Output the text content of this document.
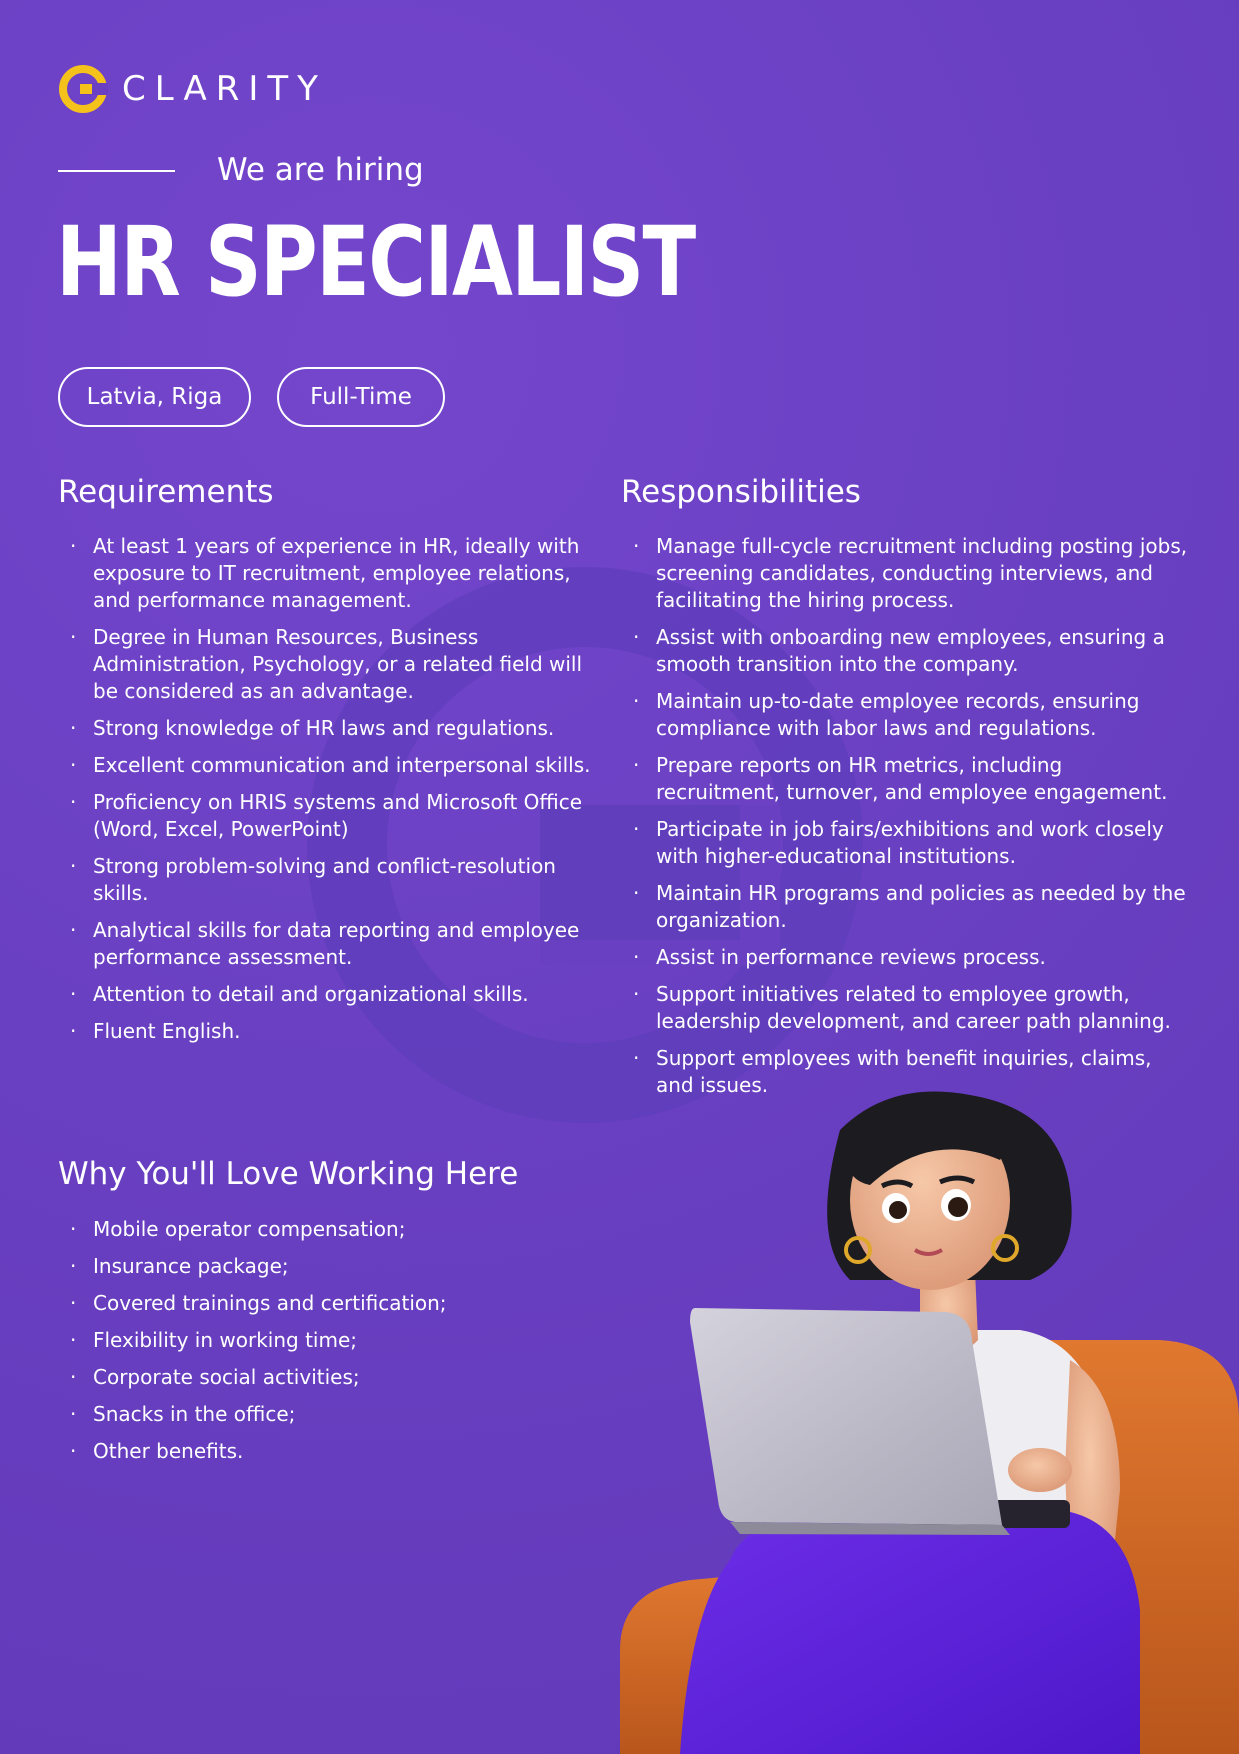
CLARITY
We are hiring
HR SPECIALIST
Latvia, Riga	Full-Time
Requirements
· At least 1 years of experience in HR, ideally with exposure to IT recruitment, employee relations, and performance management.
· Degree in Human Resources, Business Administration, Psychology, or a related field will be considered as an advantage.
· Strong knowledge of HR laws and regulations.
· Excellent communication and interpersonal skills.
· Proficiency on HRIS systems and Microsoft Office (Word, Excel, PowerPoint)
· Strong problem-solving and conflict-resolution skills.
· Analytical skills for data reporting and employee performance assessment.
· Attention to detail and organizational skills.
· Fluent English.
Responsibilities
· Manage full-cycle recruitment including posting jobs, screening candidates, conducting interviews, and facilitating the hiring process.
· Assist with onboarding new employees, ensuring a smooth transition into the company.
· Maintain up-to-date employee records, ensuring compliance with labor laws and regulations.
· Prepare reports on HR metrics, including recruitment, turnover, and employee engagement.
· Participate in job fairs/exhibitions and work closely with higher-educational institutions.
· Maintain HR programs and policies as needed by the organization.
· Assist in performance reviews process.
· Support initiatives related to employee growth, leadership development, and career path planning.
· Support employees with benefit inquiries, claims, and issues.
Why You'll Love Working Here
· Mobile operator compensation;
· Insurance package;
· Covered trainings and certification;
· Flexibility in working time;
· Corporate social activities;
· Snacks in the office;
· Other benefits.
